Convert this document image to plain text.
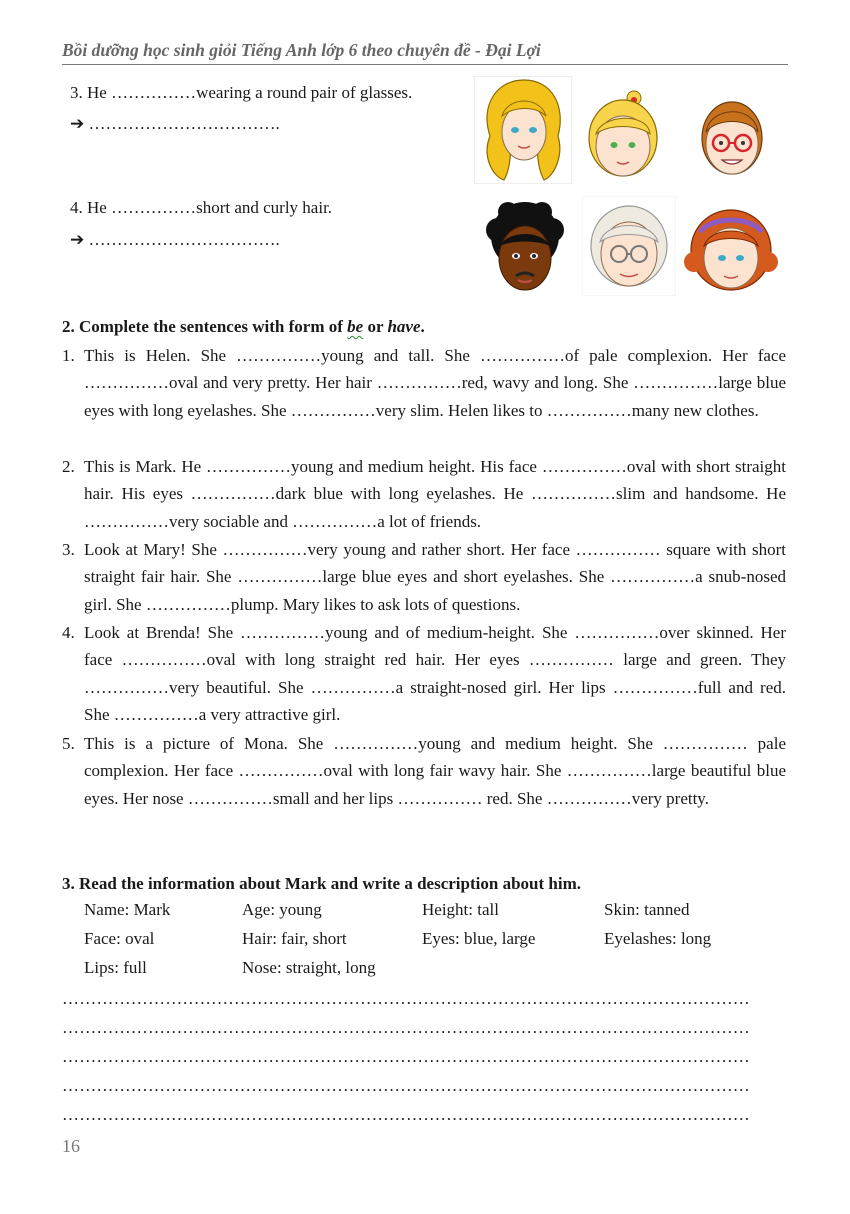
Bồi dưỡng học sinh giỏi Tiếng Anh lớp 6 theo chuyên đề - Đại Lợi
3. He ……………wearing a round pair of glasses.
➔ …………………………….
4. He ……………short and curly hair.
➔ …………………………….
2. Complete the sentences with form of be or have.
1. This is Helen. She ……………young and tall. She ……………of pale complexion. Her face ……………oval and very pretty. Her hair ……………red, wavy and long. She ……………large blue eyes with long eyelashes. She ……………very slim. Helen likes to ……………many new clothes.
2. This is Mark. He ……………young and medium height. His face ……………oval with short straight hair. His eyes ……………dark blue with long eyelashes. He ……………slim and handsome. He ……………very sociable and ……………a lot of friends.
3. Look at Mary! She ……………very young and rather short. Her face …………… square with short straight fair hair. She ……………large blue eyes and short eyelashes. She ……………a snub-nosed girl. She ……………plump. Mary likes to ask lots of questions.
4. Look at Brenda! She ……………young and of medium-height. She ……………over skinned. Her face ……………oval with long straight red hair. Her eyes …………… large and green. They ……………very beautiful. She ……………a straight-nosed girl. Her lips ……………full and red. She ……………a very attractive girl.
5. This is a picture of Mona. She ……………young and medium height. She …………… pale complexion. Her face ……………oval with long fair wavy hair. She ……………large beautiful blue eyes. Her nose ……………small and her lips …………… red. She ……………very pretty.
3. Read the information about Mark and write a description about him.
Name: Mark	Age: young	Height: tall	Skin: tanned
Face: oval	Hair: fair, short	Eyes: blue, large	Eyelashes: long
Lips: full	Nose: straight, long
…………………………………………………………………………………………………………
…………………………………………………………………………………………………………
…………………………………………………………………………………………………………
…………………………………………………………………………………………………………
…………………………………………………………………………………………………………
16
